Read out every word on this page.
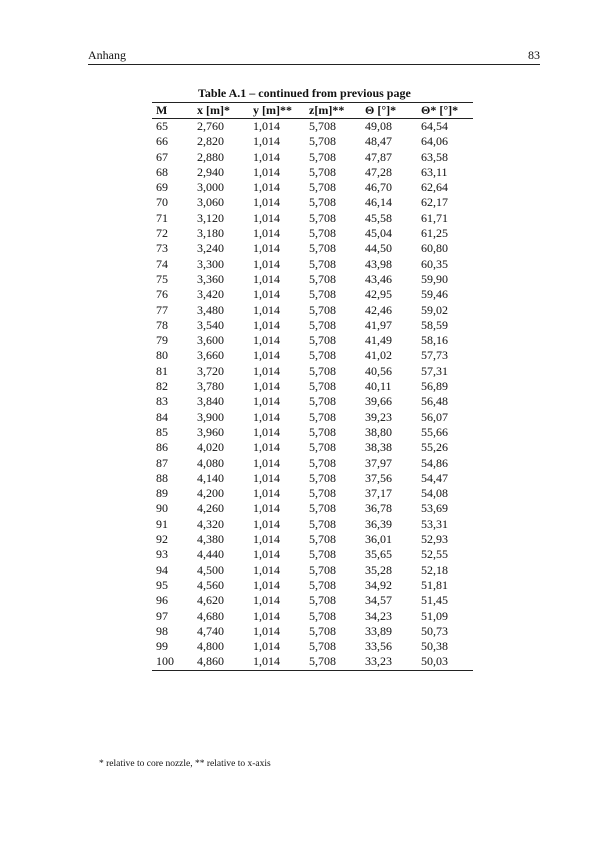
Anhang	83
Table A.1 – continued from previous page
M	x [m]*	y [m]**	z[m]**	Θ [°]*	Θ* [°]*
65	2,760	1,014	5,708	49,08	64,54
66	2,820	1,014	5,708	48,47	64,06
67	2,880	1,014	5,708	47,87	63,58
68	2,940	1,014	5,708	47,28	63,11
69	3,000	1,014	5,708	46,70	62,64
70	3,060	1,014	5,708	46,14	62,17
71	3,120	1,014	5,708	45,58	61,71
72	3,180	1,014	5,708	45,04	61,25
73	3,240	1,014	5,708	44,50	60,80
74	3,300	1,014	5,708	43,98	60,35
75	3,360	1,014	5,708	43,46	59,90
76	3,420	1,014	5,708	42,95	59,46
77	3,480	1,014	5,708	42,46	59,02
78	3,540	1,014	5,708	41,97	58,59
79	3,600	1,014	5,708	41,49	58,16
80	3,660	1,014	5,708	41,02	57,73
81	3,720	1,014	5,708	40,56	57,31
82	3,780	1,014	5,708	40,11	56,89
83	3,840	1,014	5,708	39,66	56,48
84	3,900	1,014	5,708	39,23	56,07
85	3,960	1,014	5,708	38,80	55,66
86	4,020	1,014	5,708	38,38	55,26
87	4,080	1,014	5,708	37,97	54,86
88	4,140	1,014	5,708	37,56	54,47
89	4,200	1,014	5,708	37,17	54,08
90	4,260	1,014	5,708	36,78	53,69
91	4,320	1,014	5,708	36,39	53,31
92	4,380	1,014	5,708	36,01	52,93
93	4,440	1,014	5,708	35,65	52,55
94	4,500	1,014	5,708	35,28	52,18
95	4,560	1,014	5,708	34,92	51,81
96	4,620	1,014	5,708	34,57	51,45
97	4,680	1,014	5,708	34,23	51,09
98	4,740	1,014	5,708	33,89	50,73
99	4,800	1,014	5,708	33,56	50,38
100	4,860	1,014	5,708	33,23	50,03
* relative to core nozzle, ** relative to x-axis
